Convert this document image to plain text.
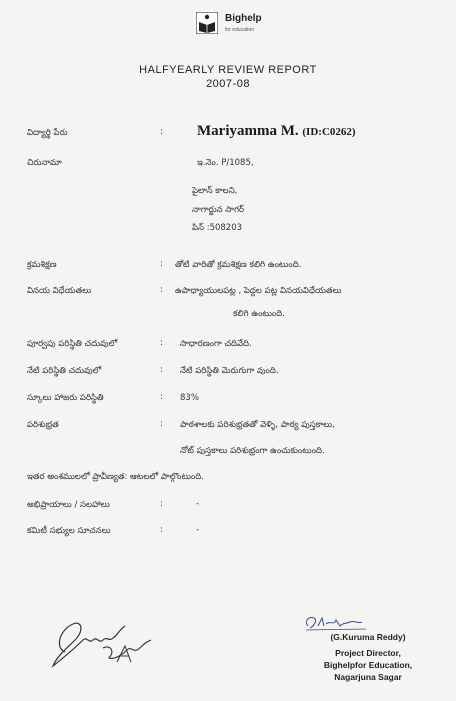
Bighelp
for education
HALFYEARLY REVIEW REPORT
2007-08
విద్యార్థి పేరు	: Mariyamma M. (ID:C0262)
చిరునామా	ఇ.నెం. P/1085,
పైలాన్ కాలని,
నాగార్జున సాగర్
పిన్ :508203
క్రమశిక్షణ	: తోటి వారితో క్రమశిక్షణ కలిగి ఉంటుంది.
వినయ విధేయతలు	: ఉపాధ్యాయులపట్ల , పెద్దల పట్ల వినయవిధేయతలు
కలిగి ఉంటుంది.
పూర్వపు పరిస్థితి చదువులో	: సాధారణంగా చదివేది.
నేటి పరిస్థితి చదువులో	: నేటి పరిస్థితి మెరుగుగా వుంది.
స్కూలు హాజరు పరిస్థితి	: 83%
పరిశుభ్రత	: పాఠశాలకు పరిశుభ్రతతో వెళ్ళి, పాఠ్య పుస్తకాలు,
నోట్ పుస్తకాలు పరిశుభ్రంగా ఉంచుకుంటుంది.
ఇతర అంశములలో ప్రావీణ్యత: ఆటలలో పాల్గొంటుంది.
అభిప్రాయాలు / సలహాలు	:	-
కమిటీ సభ్యుల సూచనలు	:	-
(G.Kuruma Reddy)
Project Director,
Bighelpfor Education,
Nagarjuna Sagar
